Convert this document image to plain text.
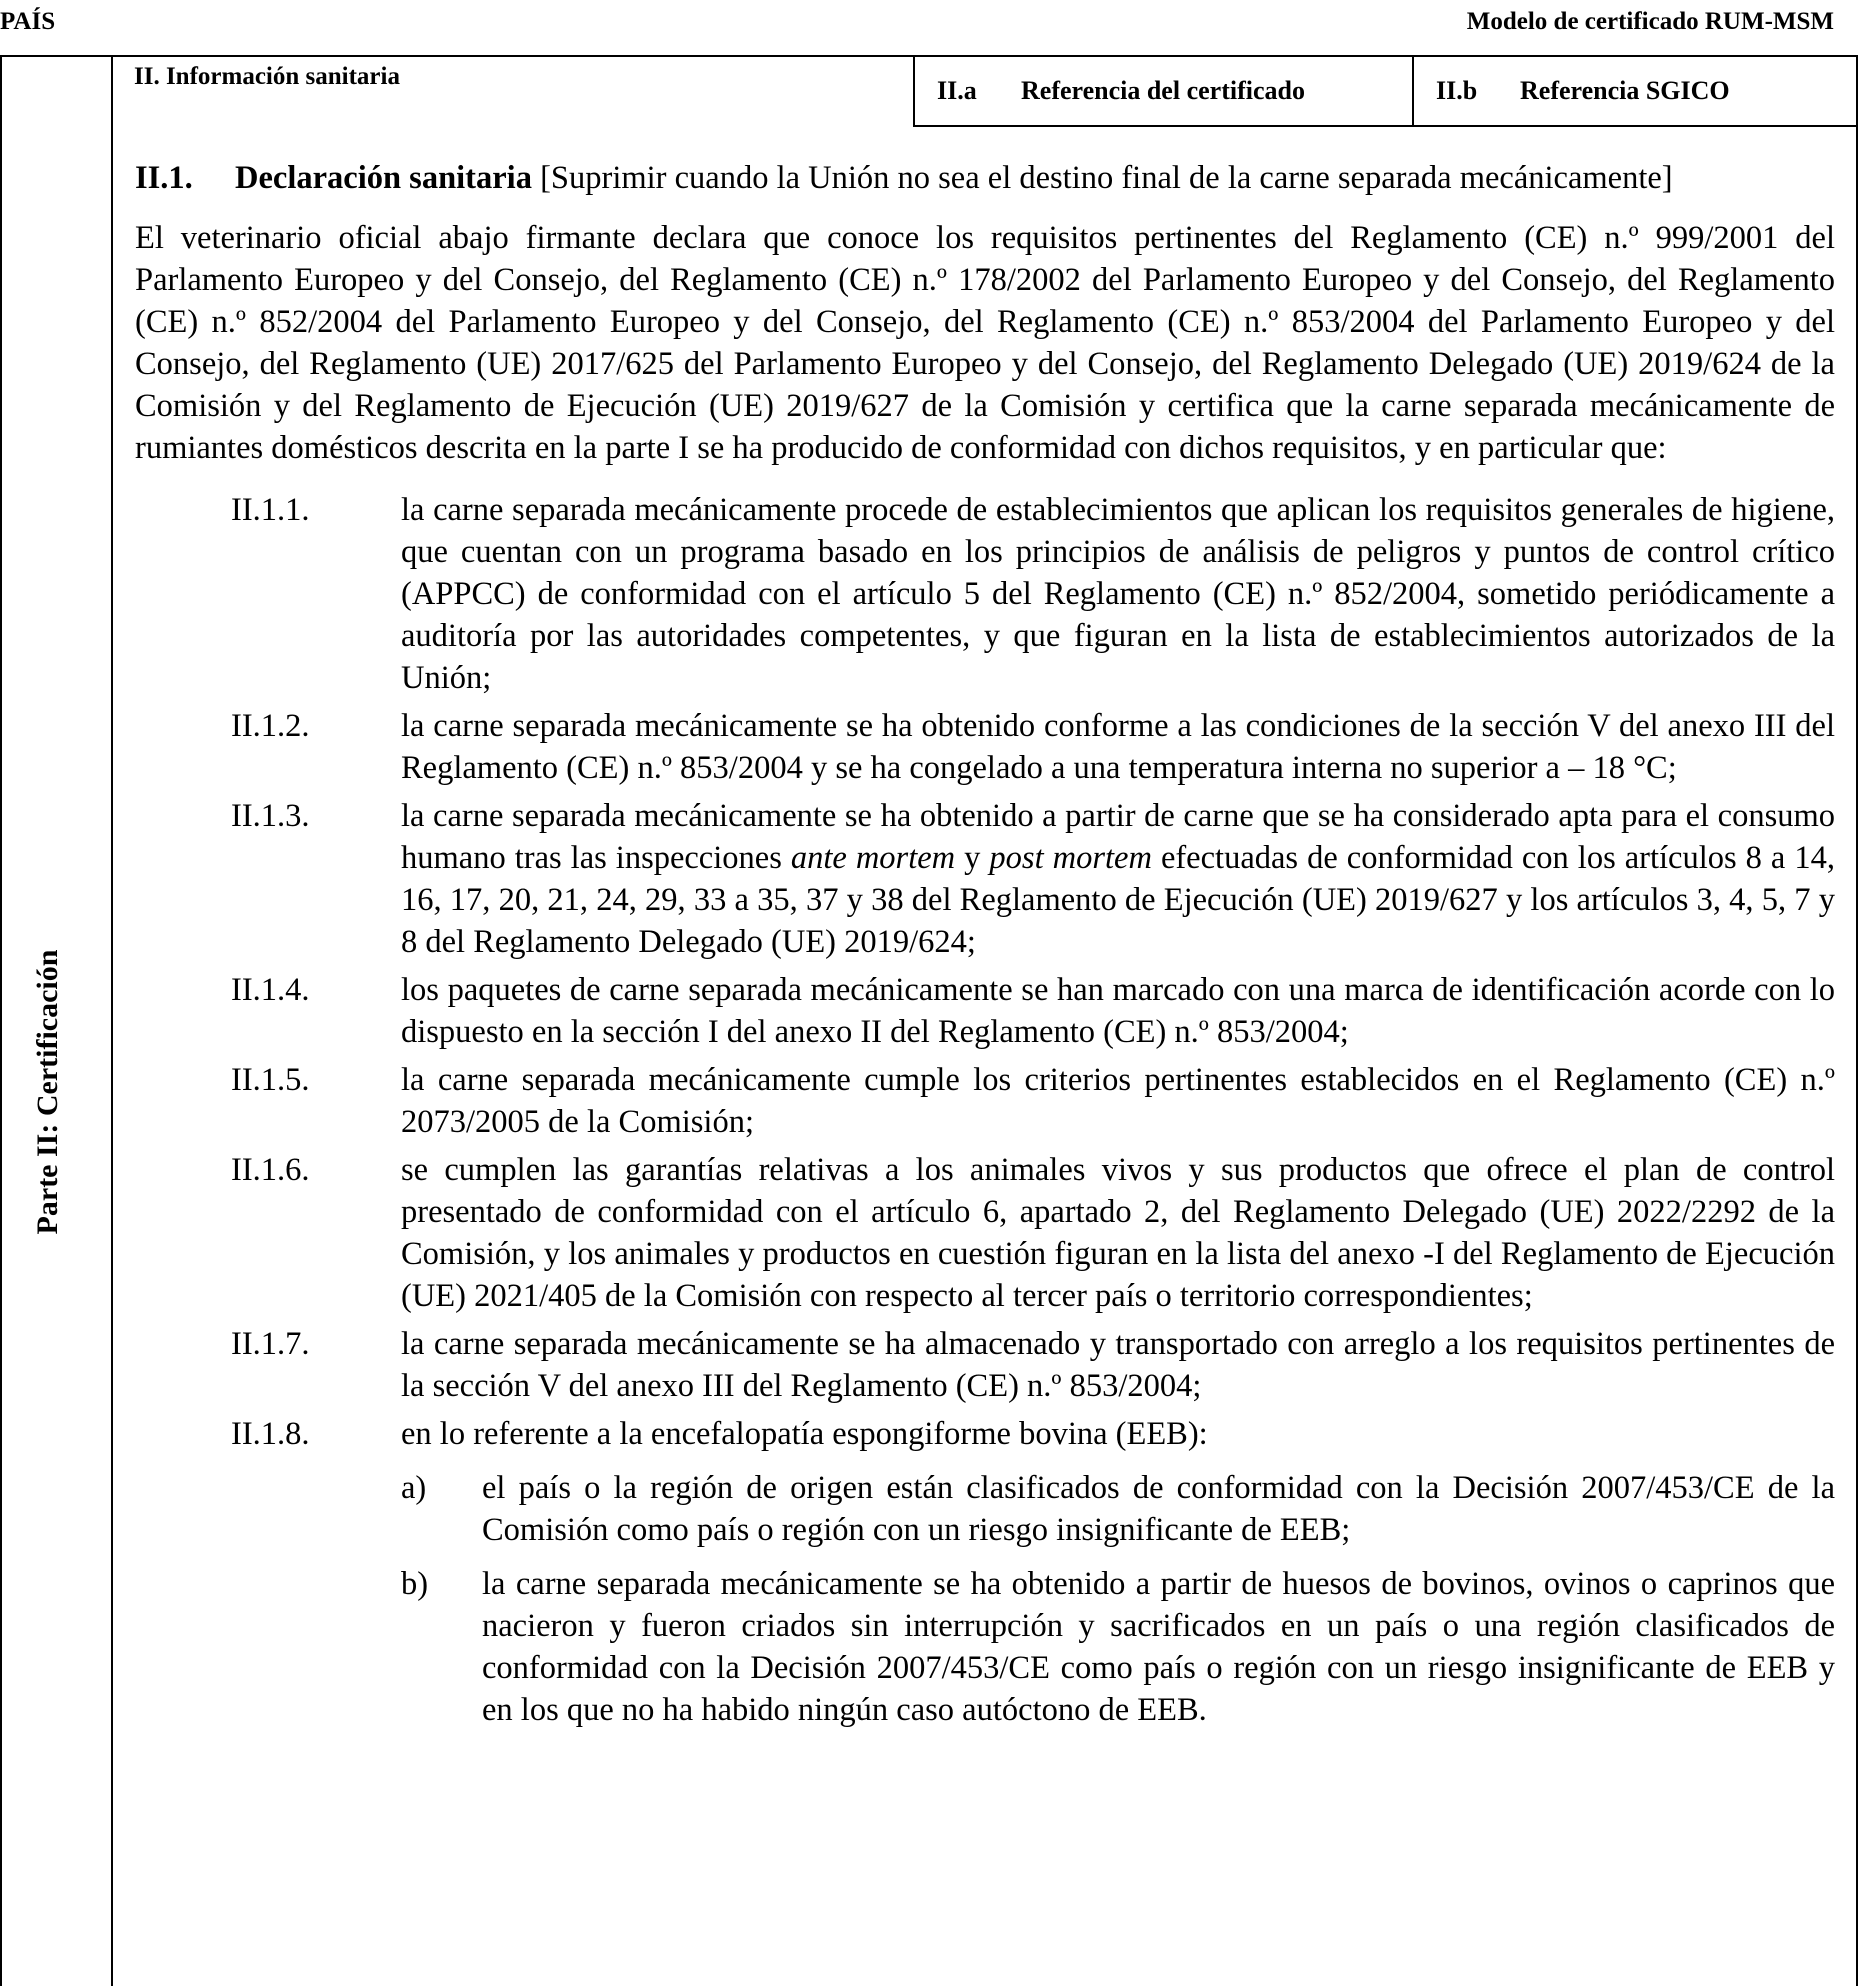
PAÍS	Modelo de certificado RUM-MSM
Parte II: Certificación
II. Información sanitaria	II.a	Referencia del certificado	II.b	Referencia SGICO
II.1.	Declaración sanitaria [Suprimir cuando la Unión no sea el destino final de la carne separada mecánicamente]
El veterinario oficial abajo firmante declara que conoce los requisitos pertinentes del Reglamento (CE) n.º 999/2001 del Parlamento Europeo y del Consejo, del Reglamento (CE) n.º 178/2002 del Parlamento Europeo y del Consejo, del Reglamento (CE) n.º 852/2004 del Parlamento Europeo y del Consejo, del Reglamento (CE) n.º 853/2004 del Parlamento Europeo y del Consejo, del Reglamento (UE) 2017/625 del Parlamento Europeo y del Consejo, del Reglamento Delegado (UE) 2019/624 de la Comisión y del Reglamento de Ejecución (UE) 2019/627 de la Comisión y certifica que la carne separada mecánicamente de rumiantes domésticos descrita en la parte I se ha producido de conformidad con dichos requisitos, y en particular que:
II.1.1.	la carne separada mecánicamente procede de establecimientos que aplican los requisitos generales de higiene, que cuentan con un programa basado en los principios de análisis de peligros y puntos de control crítico (APPCC) de conformidad con el artículo 5 del Reglamento (CE) n.º 852/2004, sometido periódicamente a auditoría por las autoridades competentes, y que figuran en la lista de establecimientos autorizados de la Unión;
II.1.2.	la carne separada mecánicamente se ha obtenido conforme a las condiciones de la sección V del anexo III del Reglamento (CE) n.º 853/2004 y se ha congelado a una temperatura interna no superior a – 18 °C;
II.1.3.	la carne separada mecánicamente se ha obtenido a partir de carne que se ha considerado apta para el consumo humano tras las inspecciones ante mortem y post mortem efectuadas de conformidad con los artículos 8 a 14, 16, 17, 20, 21, 24, 29, 33 a 35, 37 y 38 del Reglamento de Ejecución (UE) 2019/627 y los artículos 3, 4, 5, 7 y 8 del Reglamento Delegado (UE) 2019/624;
II.1.4.	los paquetes de carne separada mecánicamente se han marcado con una marca de identificación acorde con lo dispuesto en la sección I del anexo II del Reglamento (CE) n.º 853/2004;
II.1.5.	la carne separada mecánicamente cumple los criterios pertinentes establecidos en el Reglamento (CE) n.º 2073/2005 de la Comisión;
II.1.6.	se cumplen las garantías relativas a los animales vivos y sus productos que ofrece el plan de control presentado de conformidad con el artículo 6, apartado 2, del Reglamento Delegado (UE) 2022/2292 de la Comisión, y los animales y productos en cuestión figuran en la lista del anexo -I del Reglamento de Ejecución (UE) 2021/405 de la Comisión con respecto al tercer país o territorio correspondientes;
II.1.7.	la carne separada mecánicamente se ha almacenado y transportado con arreglo a los requisitos pertinentes de la sección V del anexo III del Reglamento (CE) n.º 853/2004;
II.1.8.	en lo referente a la encefalopatía espongiforme bovina (EEB):
a)	el país o la región de origen están clasificados de conformidad con la Decisión 2007/453/CE de la Comisión como país o región con un riesgo insignificante de EEB;
b)	la carne separada mecánicamente se ha obtenido a partir de huesos de bovinos, ovinos o caprinos que nacieron y fueron criados sin interrupción y sacrificados en un país o una región clasificados de conformidad con la Decisión 2007/453/CE como país o región con un riesgo insignificante de EEB y en los que no ha habido ningún caso autóctono de EEB.
